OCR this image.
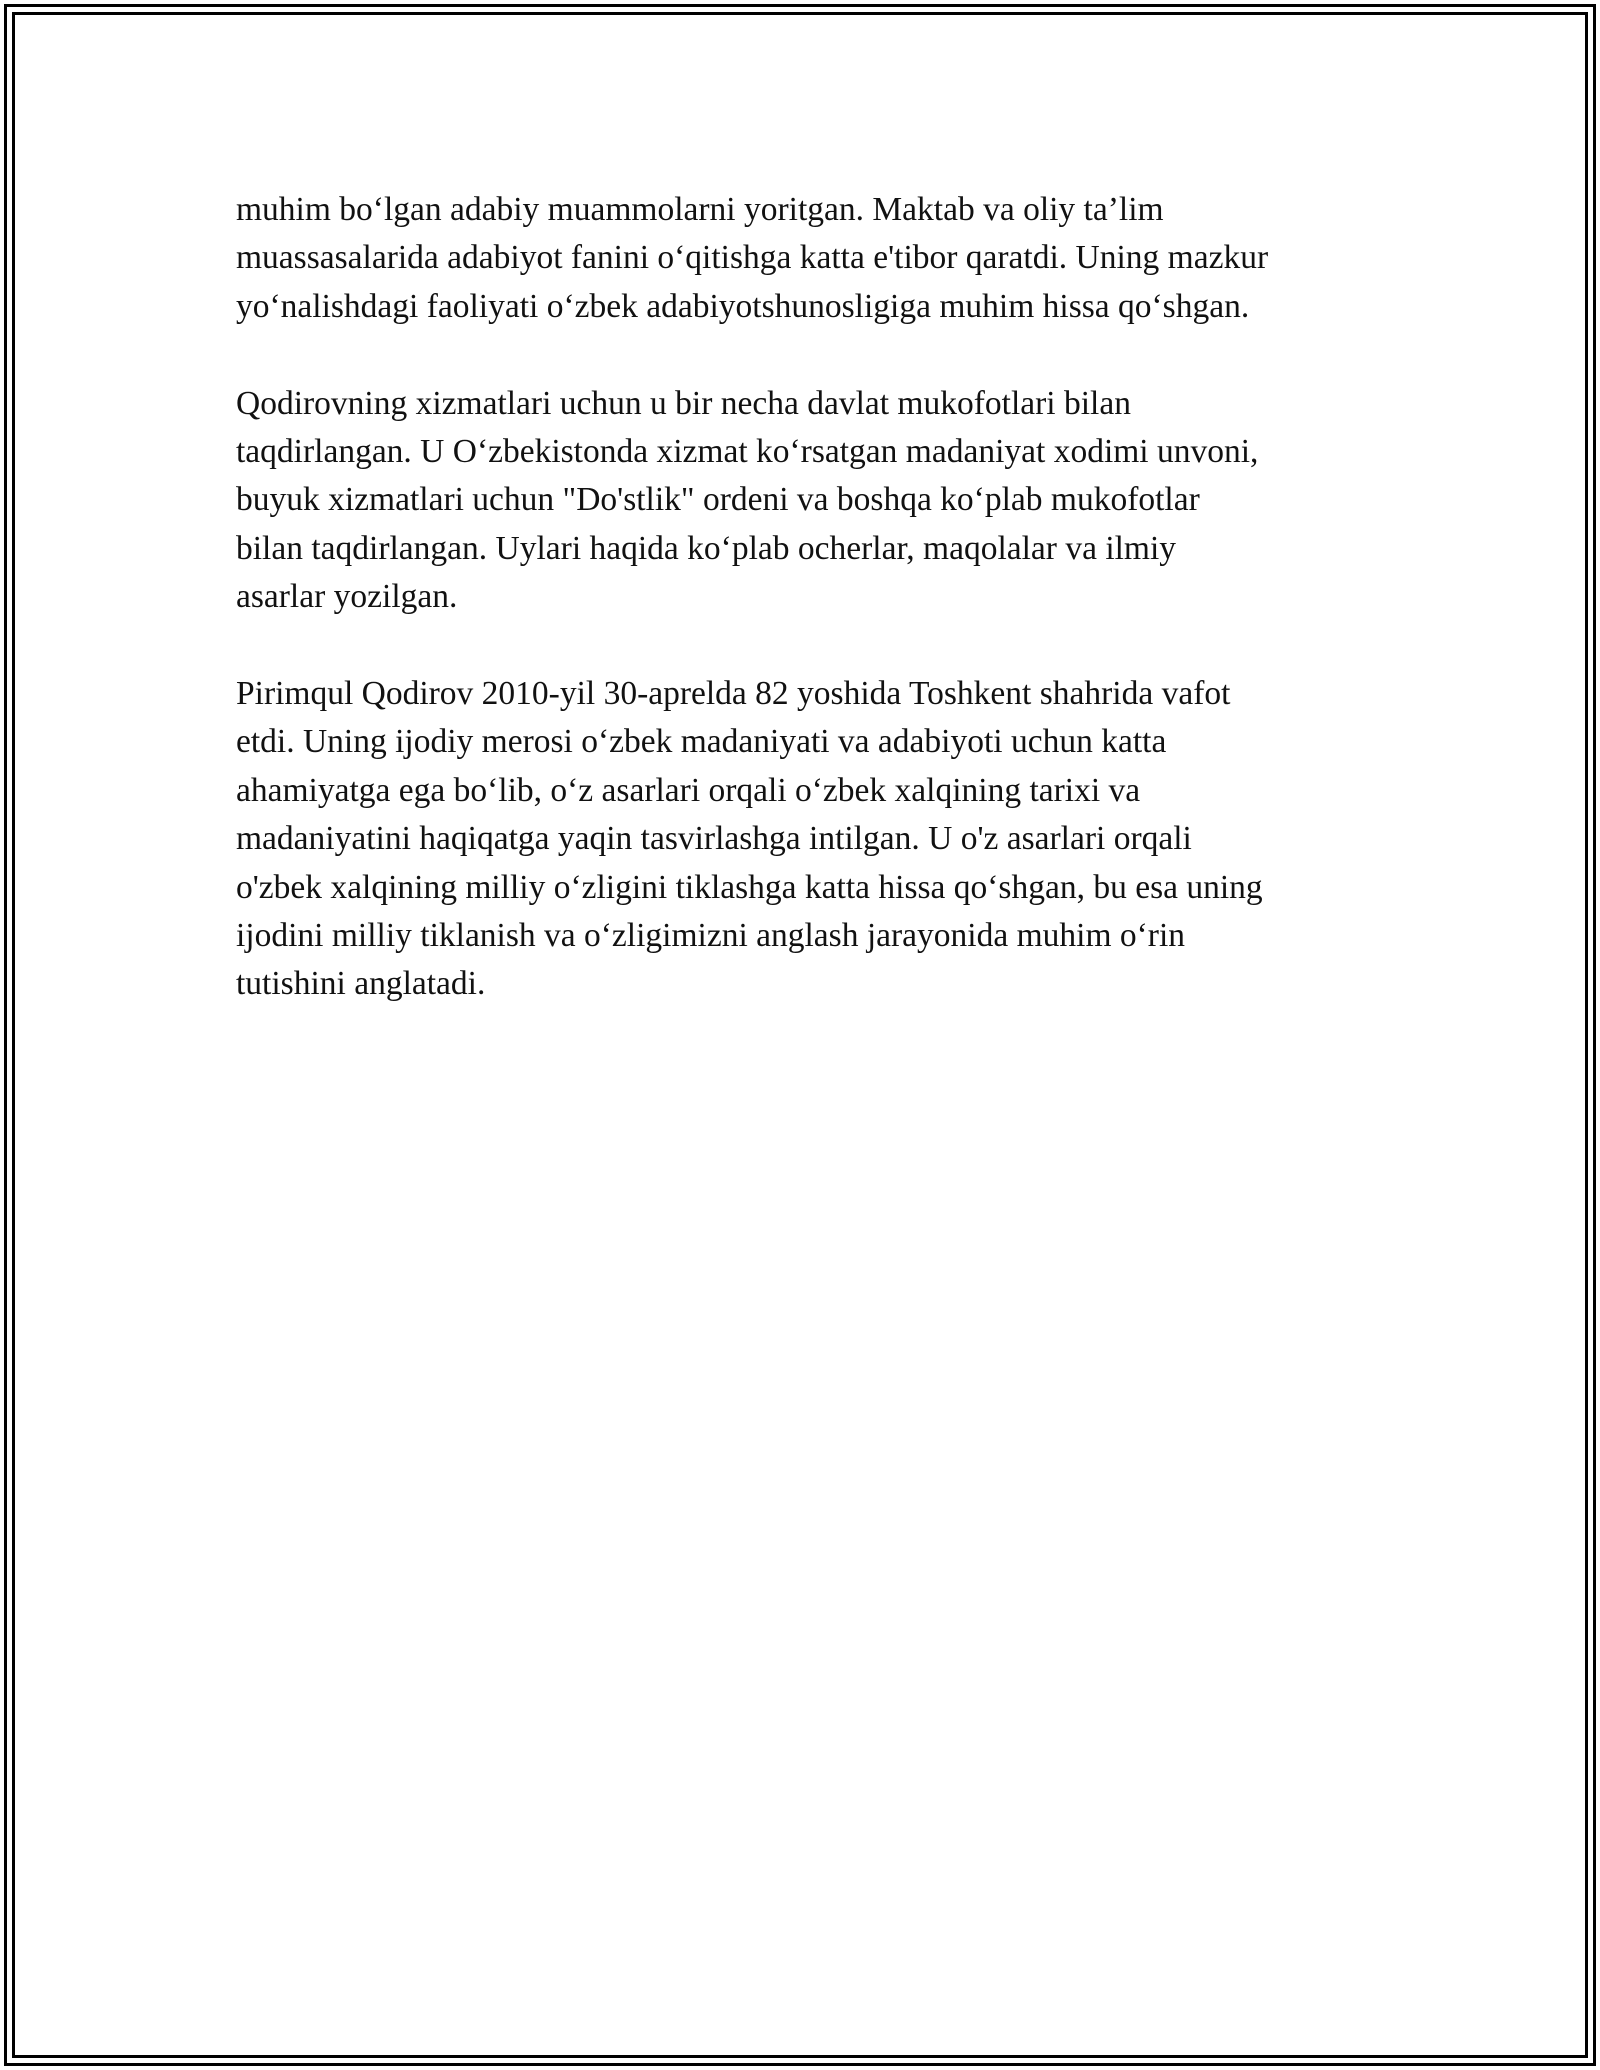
muhim bo‘lgan adabiy muammolarni yoritgan. Maktab va oliy ta’lim
muassasalarida adabiyot fanini o‘qitishga katta e'tibor qaratdi. Uning mazkur
yo‘nalishdagi faoliyati o‘zbek adabiyotshunosligiga muhim hissa qo‘shgan.

Qodirovning xizmatlari uchun u bir necha davlat mukofotlari bilan
taqdirlangan. U O‘zbekistonda xizmat ko‘rsatgan madaniyat xodimi unvoni,
buyuk xizmatlari uchun "Do'stlik" ordeni va boshqa ko‘plab mukofotlar
bilan taqdirlangan. Uylari haqida ko‘plab ocherlar, maqolalar va ilmiy
asarlar yozilgan.

Pirimqul Qodirov 2010-yil 30-aprelda 82 yoshida Toshkent shahrida vafot
etdi. Uning ijodiy merosi o‘zbek madaniyati va adabiyoti uchun katta
ahamiyatga ega bo‘lib, o‘z asarlari orqali o‘zbek xalqining tarixi va
madaniyatini haqiqatga yaqin tasvirlashga intilgan. U o'z asarlari orqali
o'zbek xalqining milliy o‘zligini tiklashga katta hissa qo‘shgan, bu esa uning
ijodini milliy tiklanish va o‘zligimizni anglash jarayonida muhim o‘rin
tutishini anglatadi.
